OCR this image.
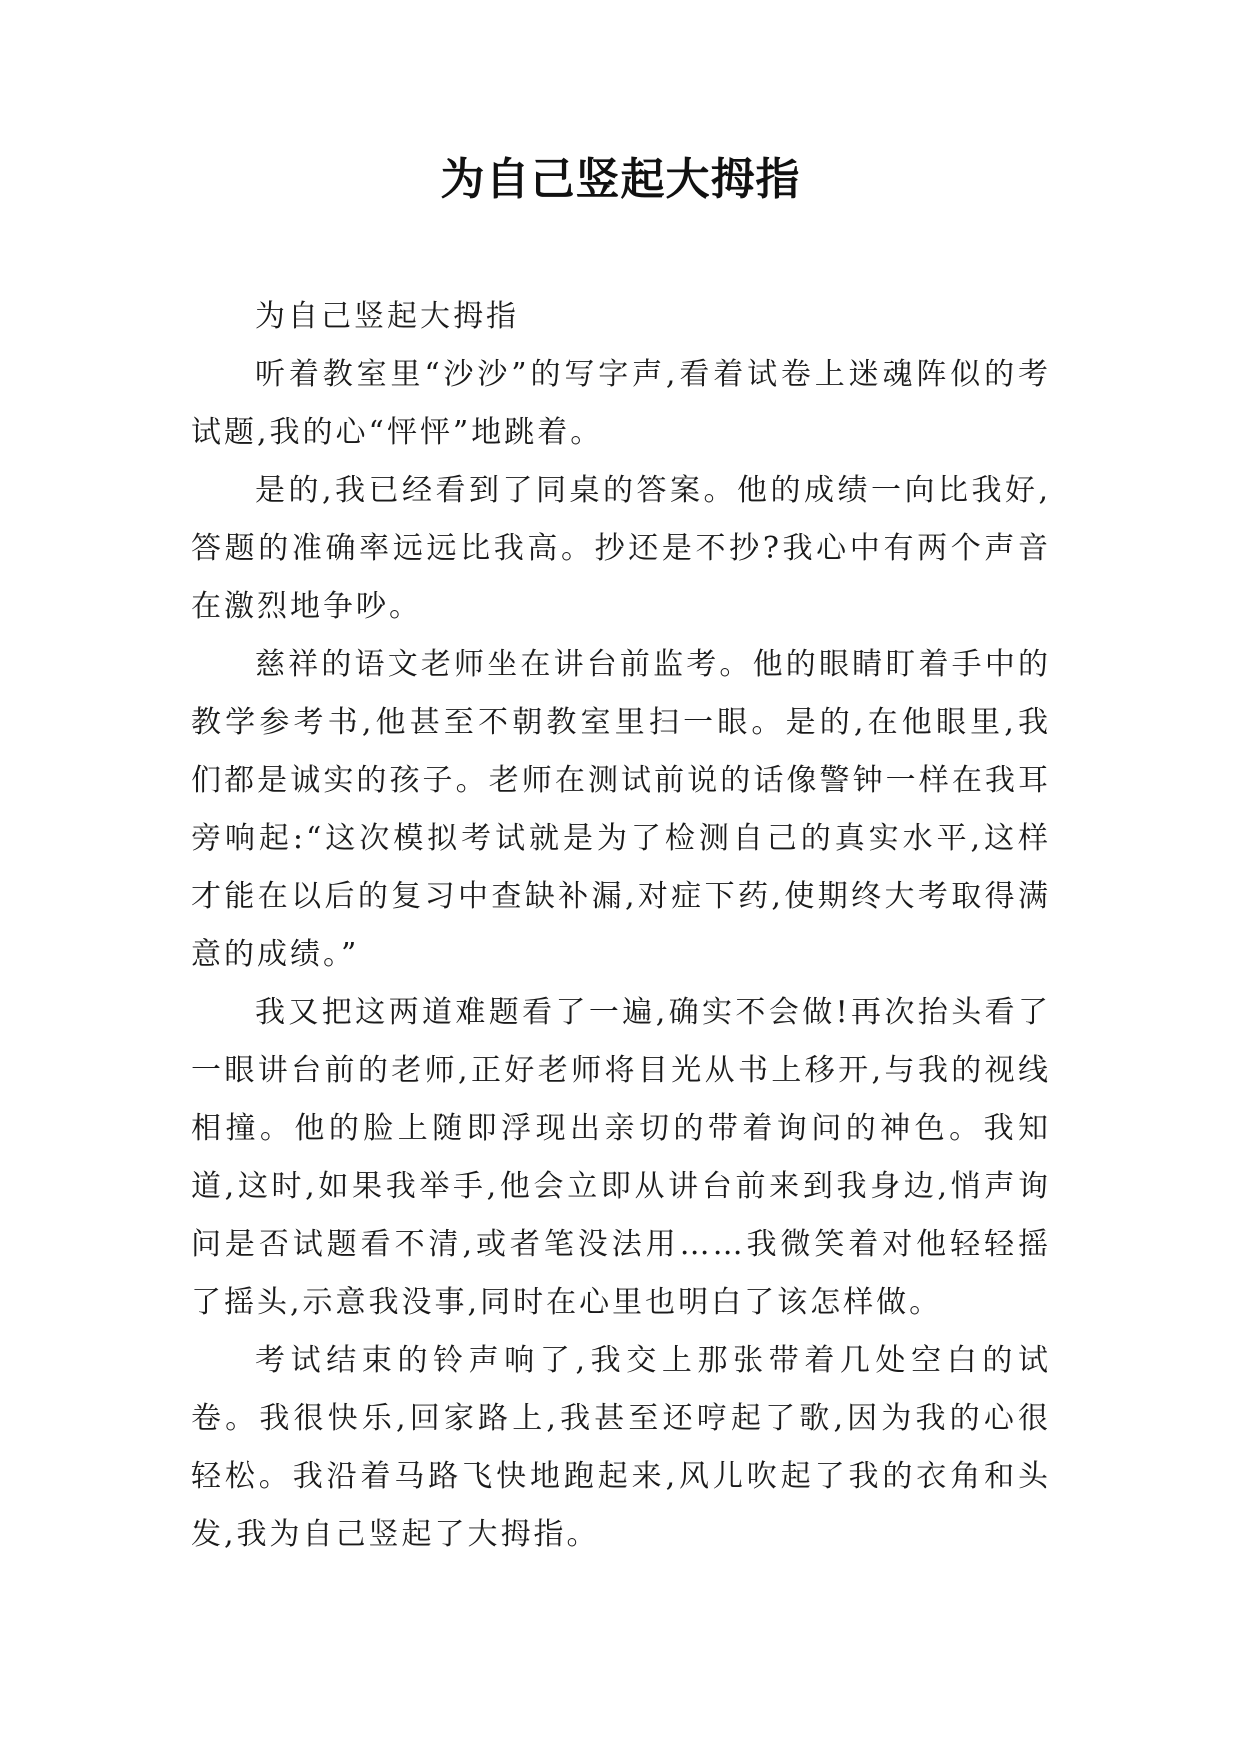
为自己竖起大拇指

为自己竖起大拇指

听着教室里“沙沙”的写字声,看着试卷上迷魂阵似的考试题,我的心“怦怦”地跳着。

是的,我已经看到了同桌的答案。他的成绩一向比我好,答题的准确率远远比我高。抄还是不抄?我心中有两个声音在激烈地争吵。

慈祥的语文老师坐在讲台前监考。他的眼睛盯着手中的教学参考书,他甚至不朝教室里扫一眼。是的,在他眼里,我们都是诚实的孩子。老师在测试前说的话像警钟一样在我耳旁响起:“这次模拟考试就是为了检测自己的真实水平,这样才能在以后的复习中查缺补漏,对症下药,使期终大考取得满意的成绩。”

我又把这两道难题看了一遍,确实不会做!再次抬头看了一眼讲台前的老师,正好老师将目光从书上移开,与我的视线相撞。他的脸上随即浮现出亲切的带着询问的神色。我知道,这时,如果我举手,他会立即从讲台前来到我身边,悄声询问是否试题看不清,或者笔没法用……我微笑着对他轻轻摇了摇头,示意我没事,同时在心里也明白了该怎样做。

考试结束的铃声响了,我交上那张带着几处空白的试卷。我很快乐,回家路上,我甚至还哼起了歌,因为我的心很轻松。我沿着马路飞快地跑起来,风儿吹起了我的衣角和头发,我为自己竖起了大拇指。
